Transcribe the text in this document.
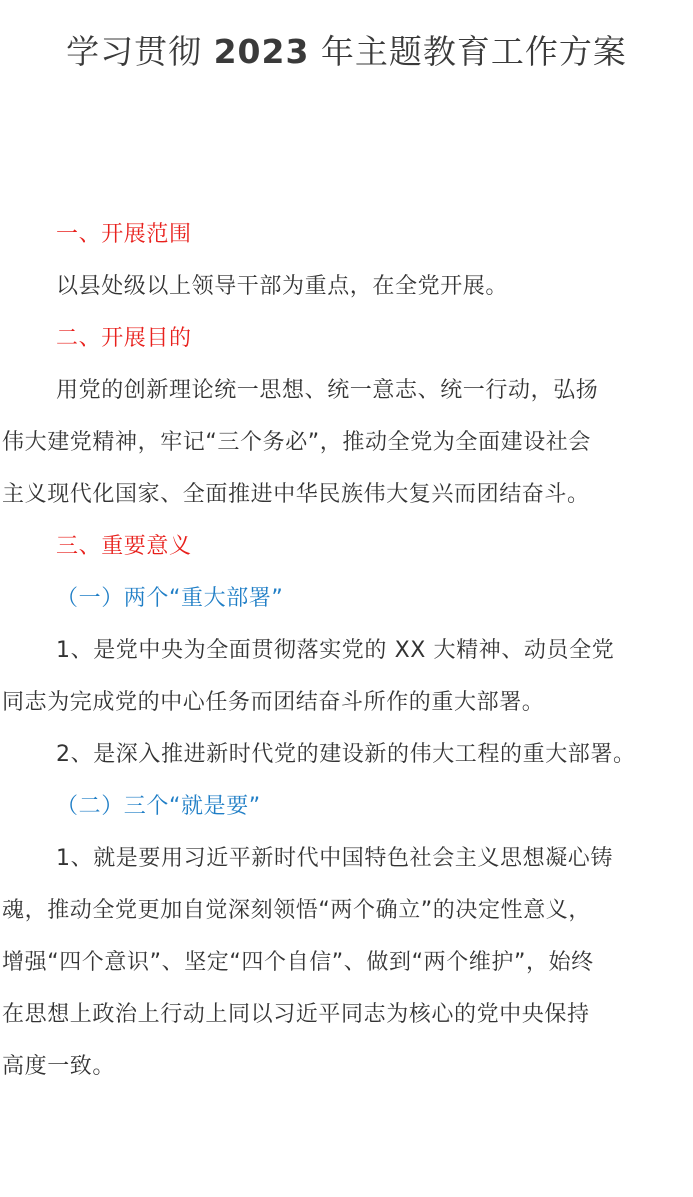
学习贯彻 2023 年主题教育工作方案

一、开展范围

以县处级以上领导干部为重点，在全党开展。

二、开展目的

用党的创新理论统一思想、统一意志、统一行动，弘扬

伟大建党精神，牢记“三个务必”，推动全党为全面建设社会

主义现代化国家、全面推进中华民族伟大复兴而团结奋斗。

三、重要意义

（一）两个“重大部署”

1、是党中央为全面贯彻落实党的 XX 大精神、动员全党

同志为完成党的中心任务而团结奋斗所作的重大部署。

2、是深入推进新时代党的建设新的伟大工程的重大部署。

（二）三个“就是要”

1、就是要用习近平新时代中国特色社会主义思想凝心铸

魂，推动全党更加自觉深刻领悟“两个确立”的决定性意义，

增强“四个意识”、坚定“四个自信”、做到“两个维护”，始终

在思想上政治上行动上同以习近平同志为核心的党中央保持

高度一致。
